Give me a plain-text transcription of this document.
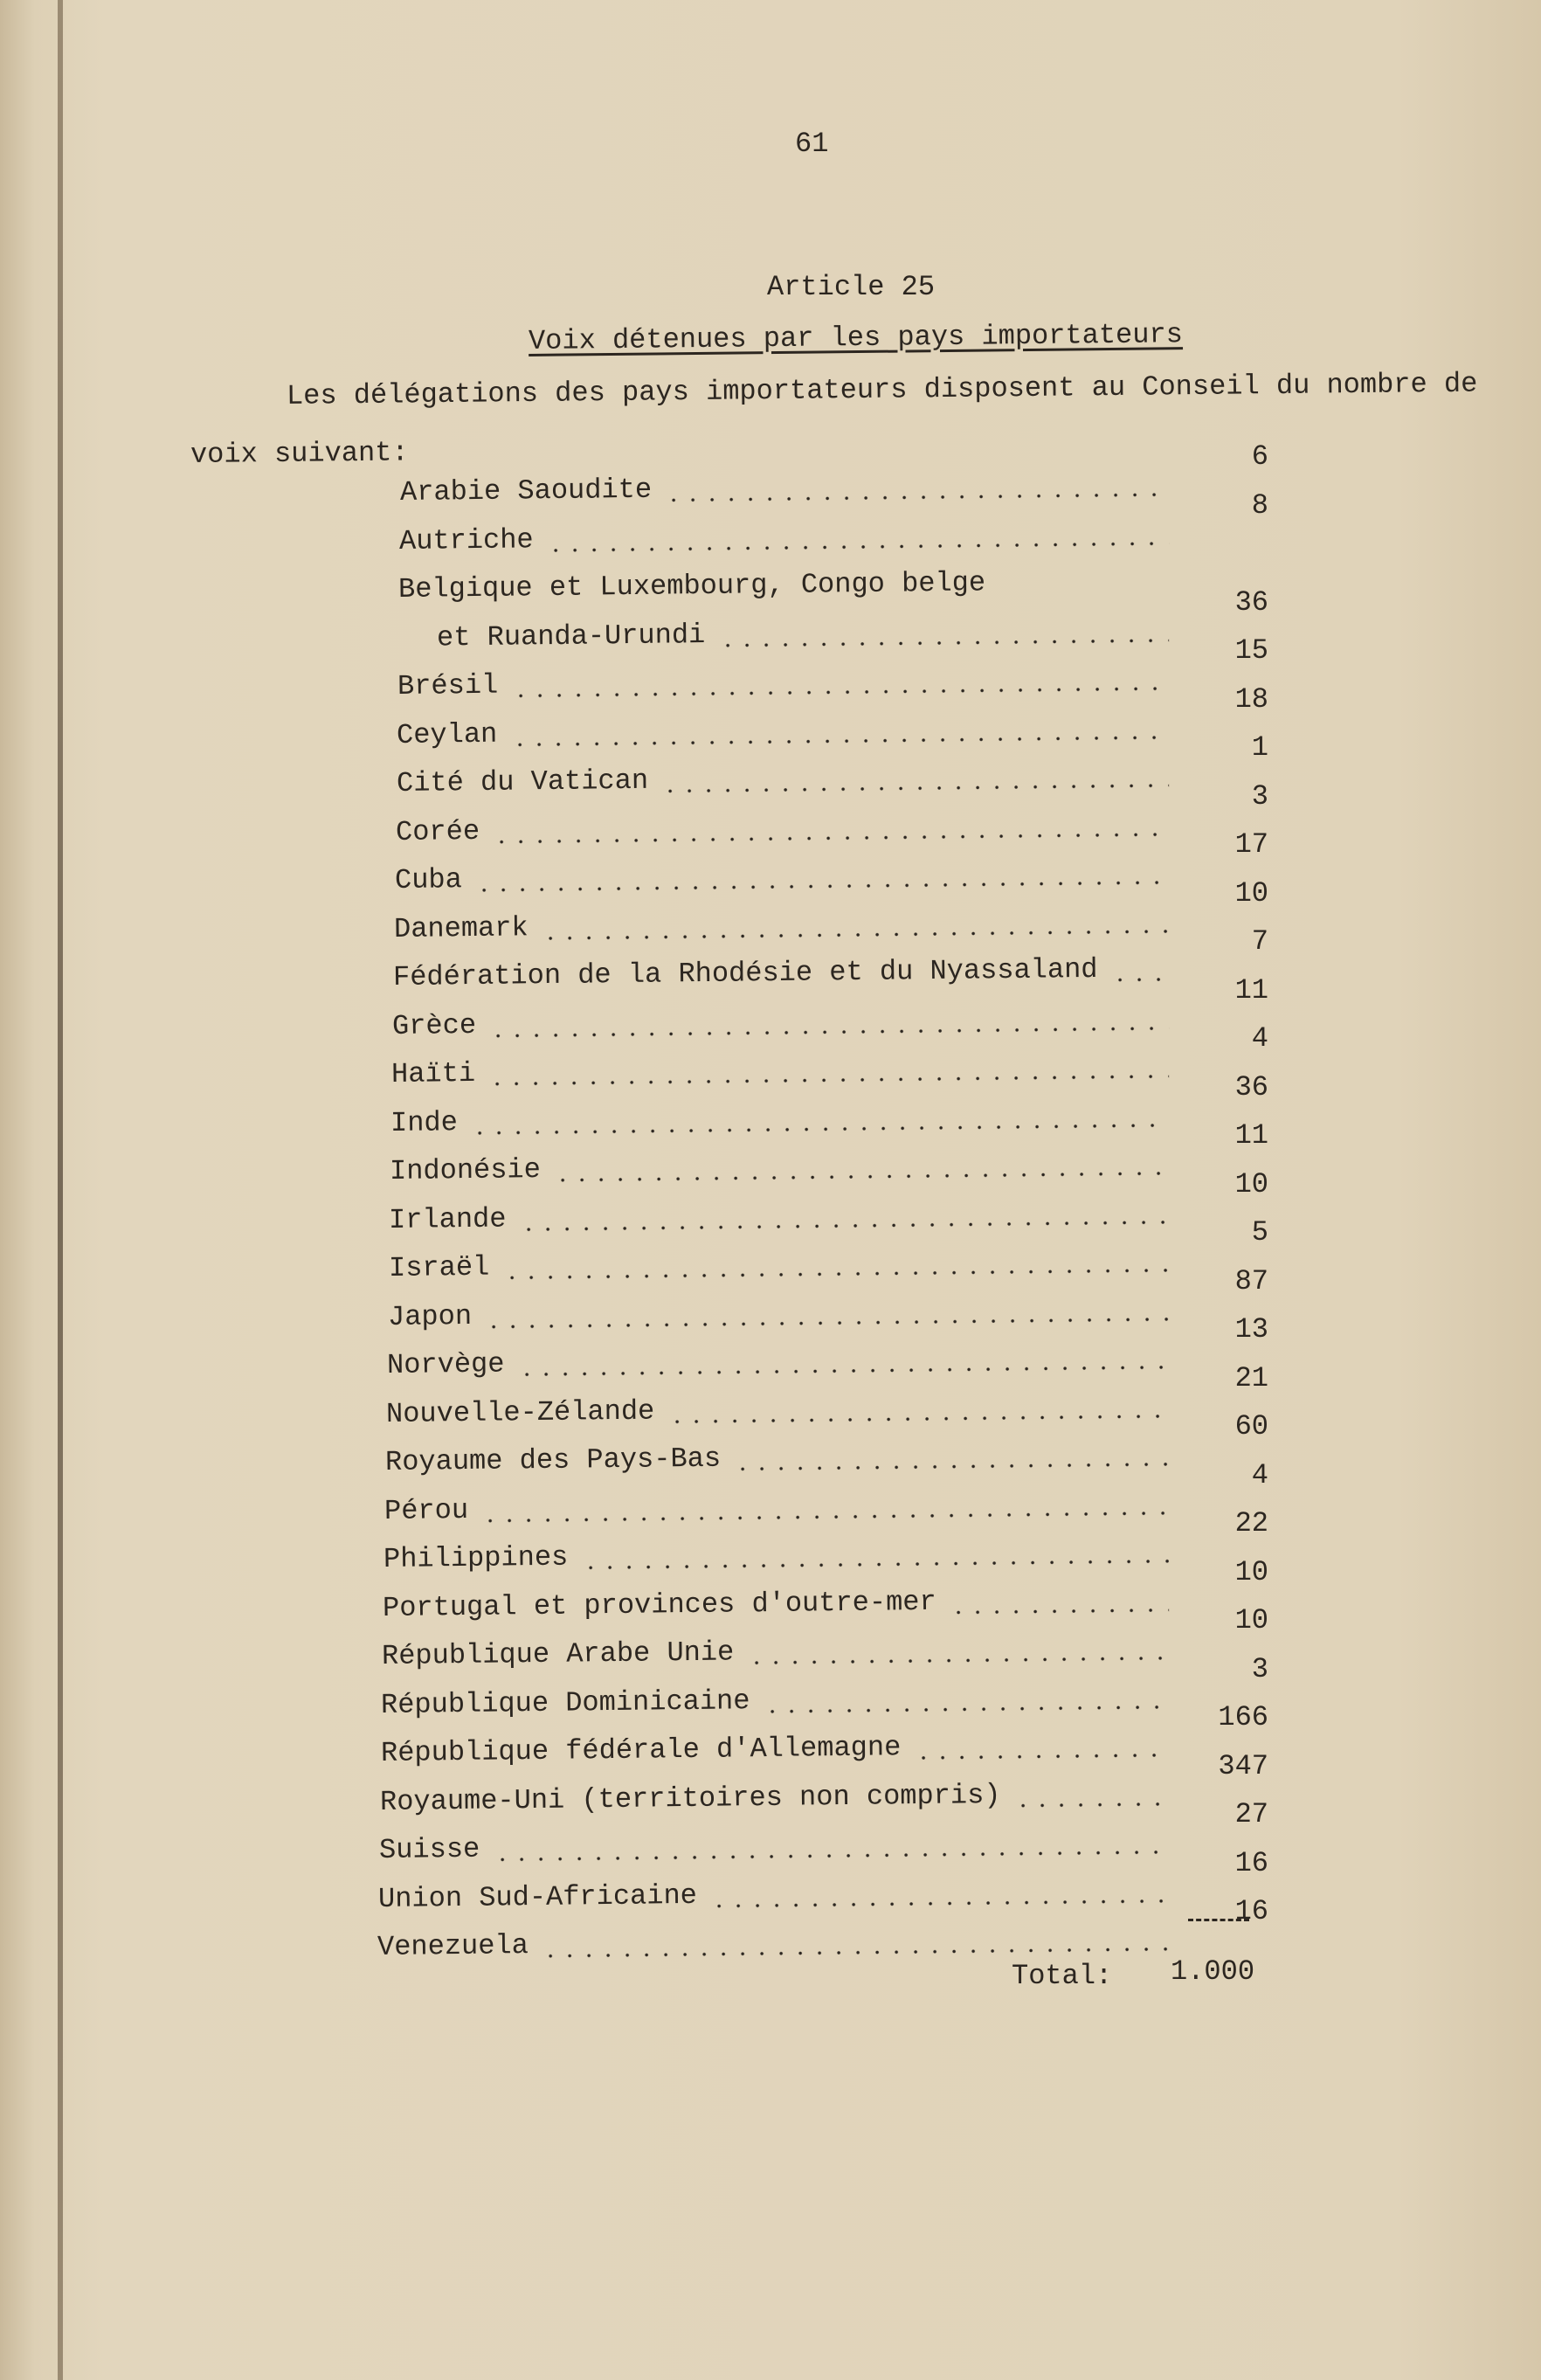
61
Article 25
Voix détenues par les pays importateurs
Les délégations des pays importateurs disposent au Conseil du nombre de
voix suivant:
Arabie Saoudite
6
Autriche
8
Belgique et Luxembourg, Congo belge
et Ruanda-Urundi
36
Brésil
15
Ceylan
18
Cité du Vatican
1
Corée
3
Cuba
17
Danemark
10
Fédération de la Rhodésie et du Nyassaland
7
Grèce
11
Haïti
4
Inde
36
Indonésie
11
Irlande
10
Israël
5
Japon
87
Norvège
13
Nouvelle-Zélande
21
Royaume des Pays-Bas
60
Pérou
4
Philippines
22
Portugal et provinces d'outre-mer
10
République Arabe Unie
10
République Dominicaine
3
République fédérale d'Allemagne
166
Royaume-Uni (territoires non compris)
347
Suisse
27
Union Sud-Africaine
16
Venezuela
16
Total: 1.000
